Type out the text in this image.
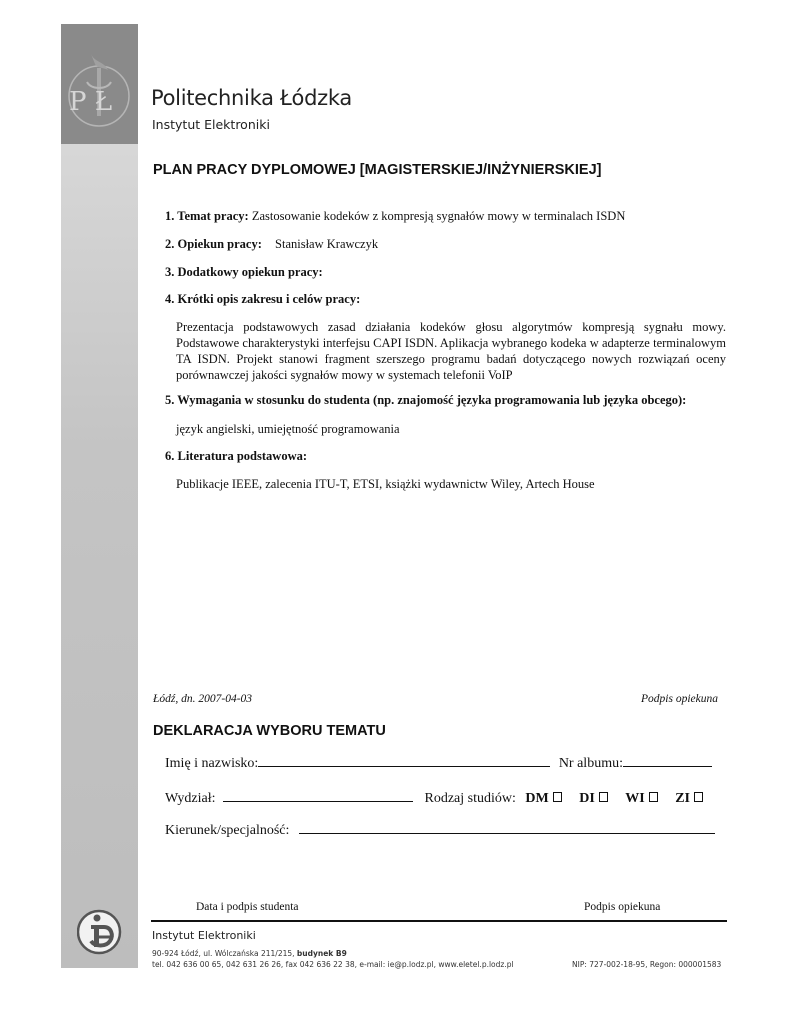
P Ł Politechnika Łódzka
Instytut Elektroniki
PLAN PRACY DYPLOMOWEJ [MAGISTERSKIEJ/INŻYNIERSKIEJ]
1. Temat pracy: Zastosowanie kodeków z kompresją sygnałów mowy w terminalach ISDN
2. Opiekun pracy: Stanisław Krawczyk
3. Dodatkowy opiekun pracy:
4. Krótki opis zakresu i celów pracy:
Prezentacja podstawowych zasad działania kodeków głosu algorytmów kompresją sygnału mowy. Podstawowe charakterystyki interfejsu CAPI ISDN. Aplikacja wybranego kodeka w adapterze terminalowym TA ISDN. Projekt stanowi fragment szerszego programu badań dotyczącego nowych rozwiązań oceny porównawczej jakości sygnałów mowy w systemach telefonii VoIP
5. Wymagania w stosunku do studenta (np. znajomość języka programowania lub języka obcego):
język angielski, umiejętność programowania
6. Literatura podstawowa:
Publikacje IEEE, zalecenia ITU-T, ETSI, książki wydawnictw Wiley, Artech House
Łódź, dn. 2007-04-03	Podpis opiekuna
DEKLARACJA WYBORU TEMATU
Imię i nazwisko:	Nr albumu:
Wydział:	Rodzaj studiów: DM DI WI ZI
Kierunek/specjalność:
Data i podpis studenta	Podpis opiekuna
Instytut Elektroniki
90-924 Łódź, ul. Wólczańska 211/215, budynek B9
tel. 042 636 00 65, 042 631 26 26, fax 042 636 22 38, e-mail: ie@p.lodz.pl, www.eletel.p.lodz.pl	NIP: 727-002-18-95, Regon: 000001583
